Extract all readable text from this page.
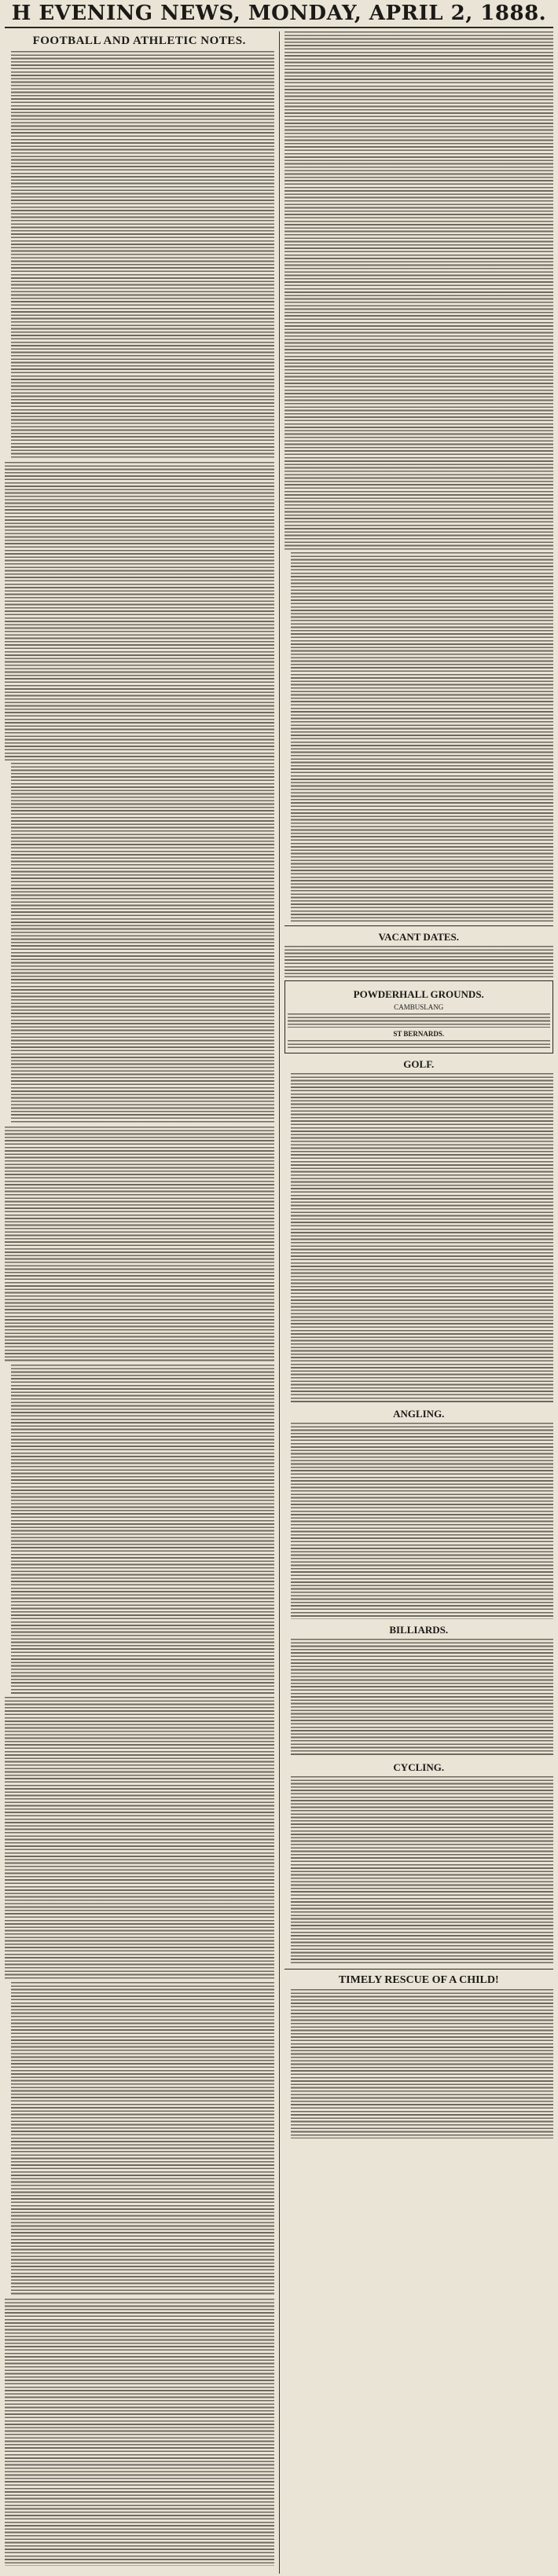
H EVENING NEWS, MONDAY, APRIL 2, 1888.
FOOTBALL AND ATHLETIC NOTES.
VACANT DATES.
POWDERHALL GROUNDS.
CAMBUSLANG
ST BERNARDS.
GOLF.
ANGLING.
BILLIARDS.
CYCLING.
TIMELY RESCUE OF A CHILD!
